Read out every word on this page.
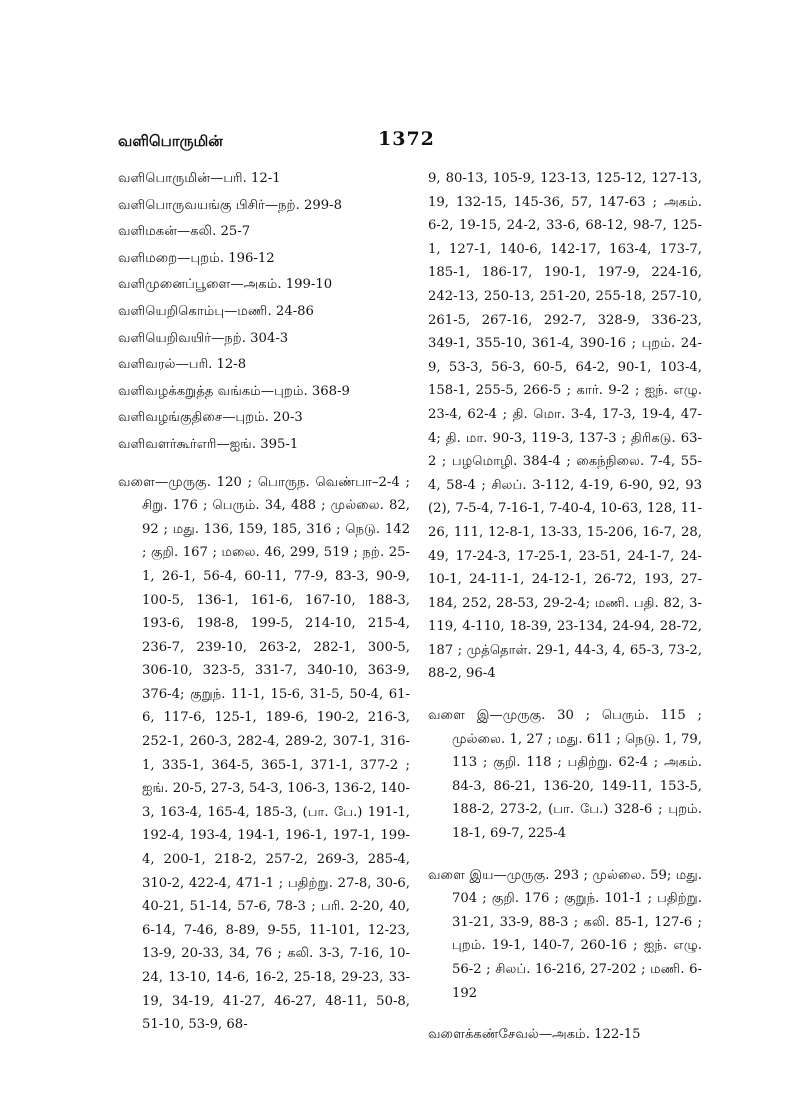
வளிபொருமின்	1372
வளிபொருமின்—பரி. 12-1
வளிபொருவயங்கு பிசிர்—நற். 299-8
வளிமகன்—கலி. 25-7
வளிமறை—புறம். 196-12
வளிமுனைப்பூளை—அகம். 199-10
வளியெறிகொம்பு—மணி. 24-86
வளியெறிவயிர்—நற். 304-3
வளிவரல்—பரி. 12-8
வளிவழக்கறுத்த வங்கம்—புறம். 368-9
வளிவழங்குதிசை—புறம். 20-3
வளிவளர்கூர்எரி—ஐங். 395-1
வளை—முருகு. 120 ; பொருந. வெண்பா–2-4 ; சிறு. 176 ; பெரும். 34, 488 ; முல்லை. 82, 92 ; மது. 136, 159, 185, 316 ; நெடு. 142 ; குறி. 167 ; மலை. 46, 299, 519 ; நற். 25-1, 26-1, 56-4, 60-11, 77-9, 83-3, 90-9, 100-5, 136-1, 161-6, 167-10, 188-3, 193-6, 198-8, 199-5, 214-10, 215-4, 236-7, 239-10, 263-2, 282-1, 300-5, 306-10, 323-5, 331-7, 340-10, 363-9, 376-4; குறுந். 11-1, 15-6, 31-5, 50-4, 61-6, 117-6, 125-1, 189-6, 190-2, 216-3, 252-1, 260-3, 282-4, 289-2, 307-1, 316-1, 335-1, 364-5, 365-1, 371-1, 377-2 ; ஐங். 20-5, 27-3, 54-3, 106-3, 136-2, 140-3, 163-4, 165-4, 185-3, (பா. பே.) 191-1, 192-4, 193-4, 194-1, 196-1, 197-1, 199-4, 200-1, 218-2, 257-2, 269-3, 285-4, 310-2, 422-4, 471-1 ; பதிற்று. 27-8, 30-6, 40-21, 51-14, 57-6, 78-3 ; பரி. 2-20, 40, 6-14, 7-46, 8-89, 9-55, 11-101, 12-23, 13-9, 20-33, 34, 76 ; கலி. 3-3, 7-16, 10-24, 13-10, 14-6, 16-2, 25-18, 29-23, 33-19, 34-19, 41-27, 46-27, 48-11, 50-8, 51-10, 53-9, 68-
9, 80-13, 105-9, 123-13, 125-12, 127-13, 19, 132-15, 145-36, 57, 147-63 ; அகம். 6-2, 19-15, 24-2, 33-6, 68-12, 98-7, 125-1, 127-1, 140-6, 142-17, 163-4, 173-7, 185-1, 186-17, 190-1, 197-9, 224-16, 242-13, 250-13, 251-20, 255-18, 257-10, 261-5, 267-16, 292-7, 328-9, 336-23, 349-1, 355-10, 361-4, 390-16 ; புறம். 24-9, 53-3, 56-3, 60-5, 64-2, 90-1, 103-4, 158-1, 255-5, 266-5 ; கார். 9-2 ; ஐந். எழு. 23-4, 62-4 ; தி. மொ. 3-4, 17-3, 19-4, 47-4; தி. மா. 90-3, 119-3, 137-3 ; திரிகடு. 63-2 ; பழமொழி. 384-4 ; கைந்நிலை. 7-4, 55-4, 58-4 ; சிலப். 3-112, 4-19, 6-90, 92, 93 (2), 7-5-4, 7-16-1, 7-40-4, 10-63, 128, 11-26, 111, 12-8-1, 13-33, 15-206, 16-7, 28, 49, 17-24-3, 17-25-1, 23-51, 24-1-7, 24-10-1, 24-11-1, 24-12-1, 26-72, 193, 27-184, 252, 28-53, 29-2-4; மணி. பதி. 82, 3-119, 4-110, 18-39, 23-134, 24-94, 28-72, 187 ; முத்தொள். 29-1, 44-3, 4, 65-3, 73-2, 88-2, 96-4
வளை இ—முருகு. 30 ; பெரும். 115 ; முல்லை. 1, 27 ; மது. 611 ; நெடு. 1, 79, 113 ; குறி. 118 ; பதிற்று. 62-4 ; அகம். 84-3, 86-21, 136-20, 149-11, 153-5, 188-2, 273-2, (பா. பே.) 328-6 ; புறம். 18-1, 69-7, 225-4
வளை இய—முருகு. 293 ; முல்லை. 59; மது. 704 ; குறி. 176 ; குறுந். 101-1 ; பதிற்று. 31-21, 33-9, 88-3 ; கலி. 85-1, 127-6 ; புறம். 19-1, 140-7, 260-16 ; ஐந். எழு. 56-2 ; சிலப். 16-216, 27-202 ; மணி. 6-192
வளைக்கண்சேவல்—அகம். 122-15
